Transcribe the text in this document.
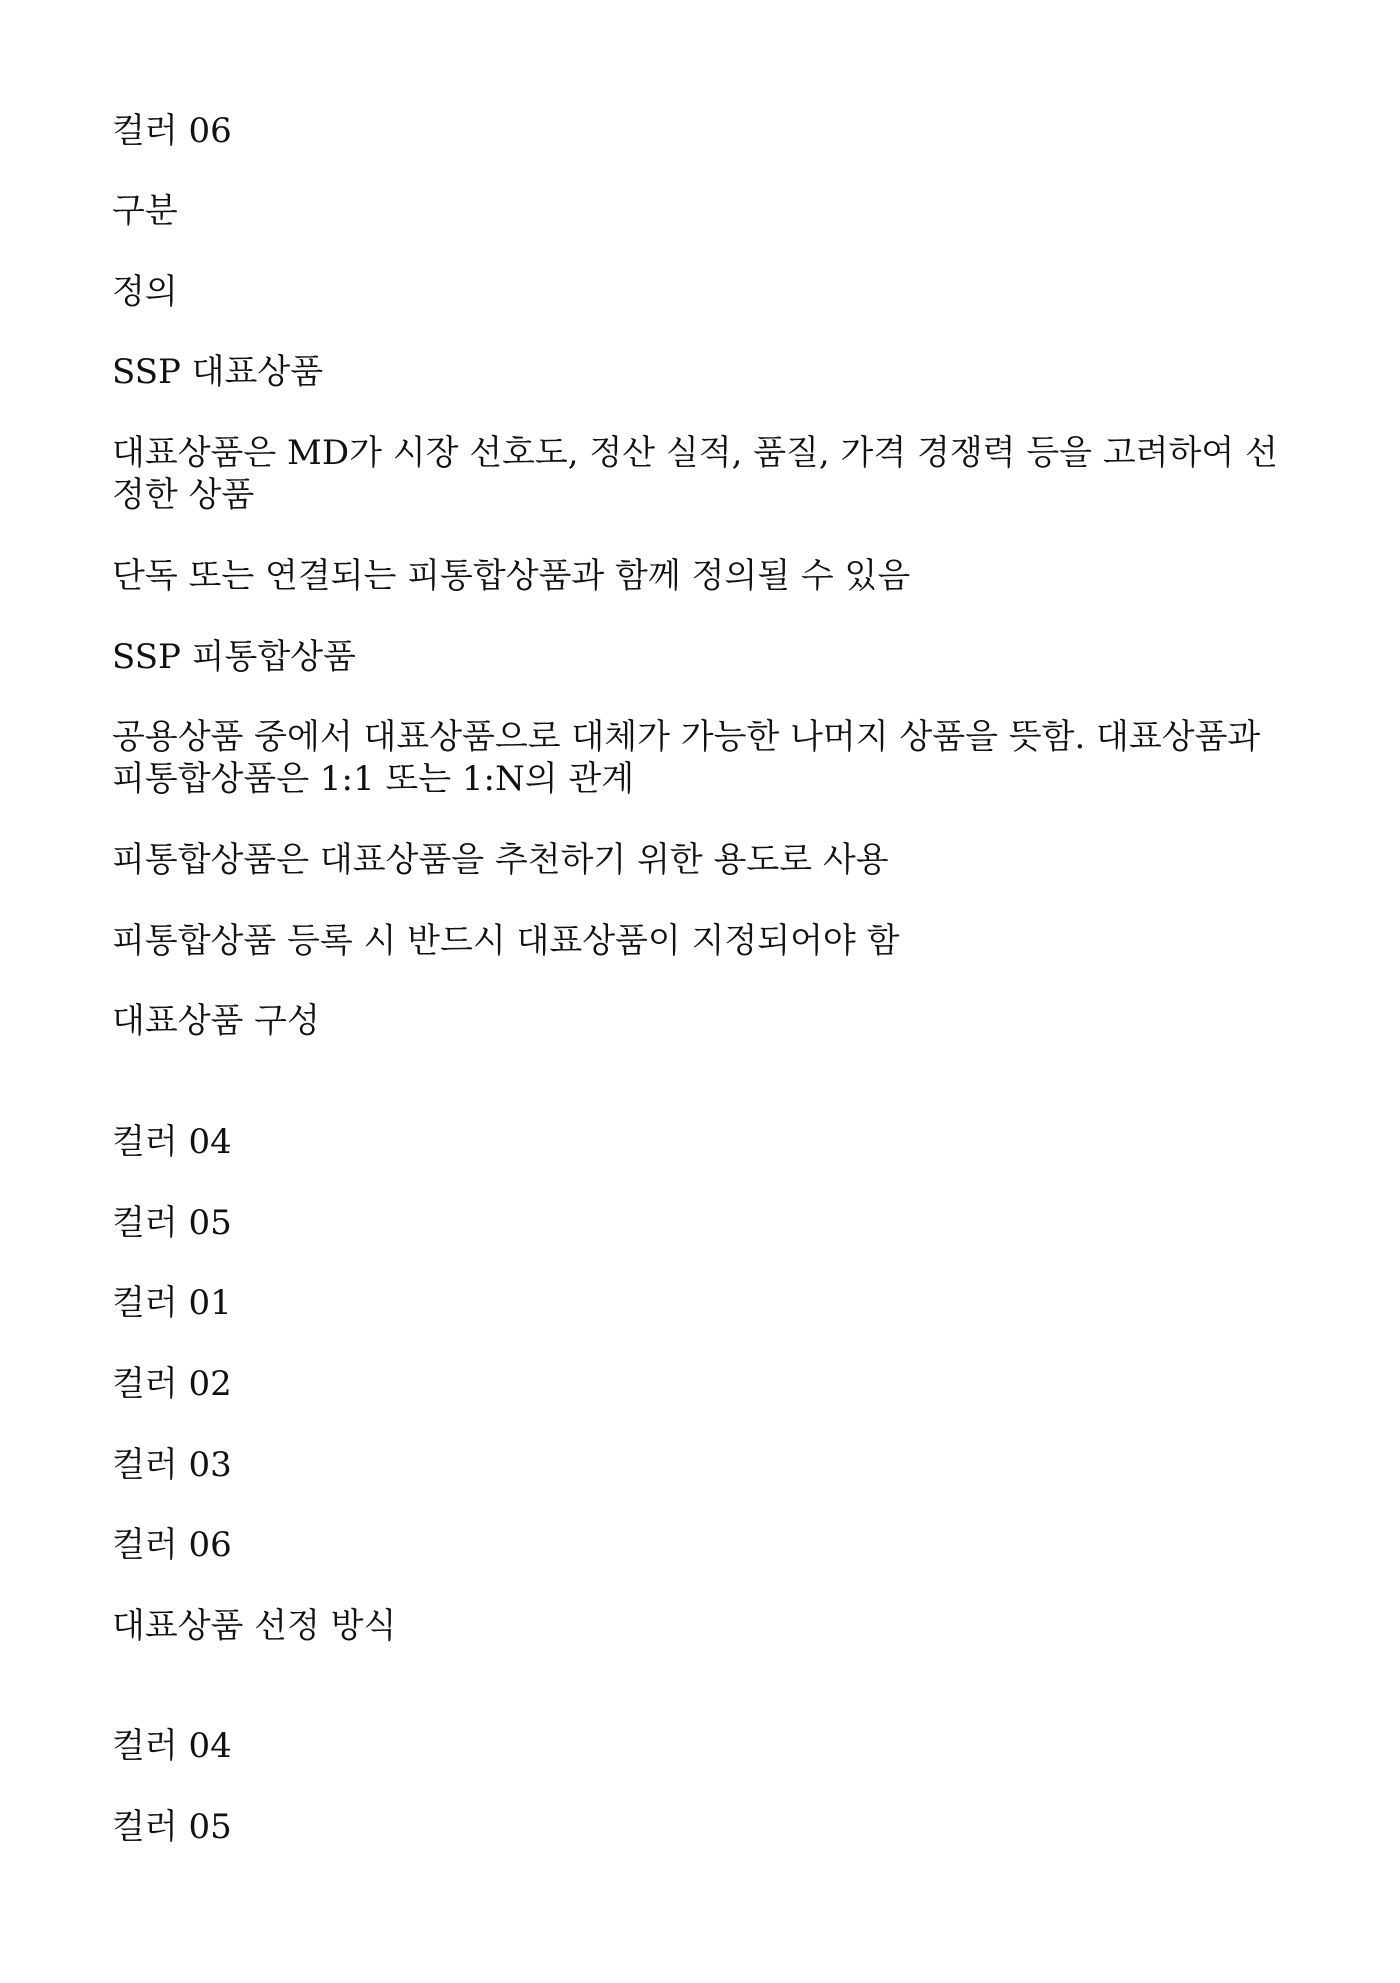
컬러 06

구분

정의

SSP 대표상품

대표상품은 MD가 시장 선호도, 정산 실적, 품질, 가격 경쟁력 등을 고려하여 선정한 상품

단독 또는 연결되는 피통합상품과 함께 정의될 수 있음

SSP 피통합상품

공용상품 중에서 대표상품으로 대체가 가능한 나머지 상품을 뜻함. 대표상품과 피통합상품은 1:1 또는 1:N의 관계

피통합상품은 대표상품을 추천하기 위한 용도로 사용

피통합상품 등록 시 반드시 대표상품이 지정되어야 함

대표상품 구성

컬러 04

컬러 05

컬러 01

컬러 02

컬러 03

컬러 06

대표상품 선정 방식

컬러 04

컬러 05
